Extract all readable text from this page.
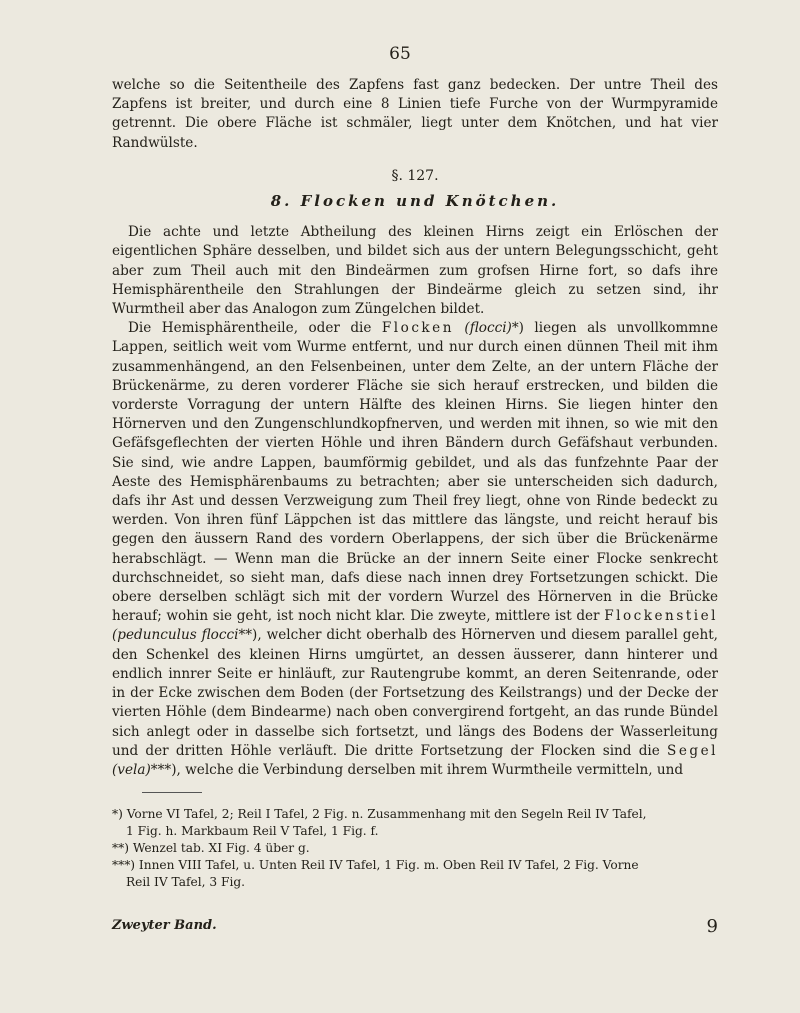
65

welche so die Seitentheile des Zapfens fast ganz bedecken. Der untre Theil des Zapfens ist breiter, und durch eine 8 Linien tiefe Furche von der Wurmpyramide getrennt. Die obere Fläche ist schmäler, liegt unter dem Knötchen, und hat vier Randwülste.

§. 127.
8. Flocken und Knötchen.

Die achte und letzte Abtheilung des kleinen Hirns zeigt ein Erlöschen der eigentlichen Sphäre desselben, und bildet sich aus der untern Belegungsschicht, geht aber zum Theil auch mit den Bindeärmen zum grofsen Hirne fort, so dafs ihre Hemisphärentheile den Strahlungen der Bindeärme gleich zu setzen sind, ihr Wurmtheil aber das Analogon zum Züngelchen bildet.

Die Hemisphärentheile, oder die Flocken (flocci)*) liegen als unvollkommne Lappen, seitlich weit vom Wurme entfernt, und nur durch einen dünnen Theil mit ihm zusammenhängend, an den Felsenbeinen, unter dem Zelte, an der untern Fläche der Brückenärme, zu deren vorderer Fläche sie sich herauf erstrecken, und bilden die vorderste Vorragung der untern Hälfte des kleinen Hirns. Sie liegen hinter den Hörnerven und den Zungenschlundkopfnerven, und werden mit ihnen, so wie mit den Gefäfsgeflechten der vierten Höhle und ihren Bändern durch Gefäfshaut verbunden. Sie sind, wie andre Lappen, baumförmig gebildet, und als das funfzehnte Paar der Aeste des Hemisphärenbaums zu betrachten; aber sie unterscheiden sich dadurch, dafs ihr Ast und dessen Verzweigung zum Theil frey liegt, ohne von Rinde bedeckt zu werden. Von ihren fünf Läppchen ist das mittlere das längste, und reicht herauf bis gegen den äussern Rand des vordern Oberlappens, der sich über die Brückenärme herabschlägt. — Wenn man die Brücke an der innern Seite einer Flocke senkrecht durchschneidet, so sieht man, dafs diese nach innen drey Fortsetzungen schickt. Die obere derselben schlägt sich mit der vordern Wurzel des Hörnerven in die Brücke herauf; wohin sie geht, ist noch nicht klar. Die zweyte, mittlere ist der Flockenstiel (pedunculus flocci**), welcher dicht oberhalb des Hörnerven und diesem parallel geht, den Schenkel des kleinen Hirns umgürtet, an dessen äusserer, dann hinterer und endlich innrer Seite er hinläuft, zur Rautengrube kommt, an deren Seitenrande, oder in der Ecke zwischen dem Boden (der Fortsetzung des Keilstrangs) und der Decke der vierten Höhle (dem Bindearme) nach oben convergirend fortgeht, an das runde Bündel sich anlegt oder in dasselbe sich fortsetzt, und längs des Bodens der Wasserleitung und der dritten Höhle verläuft. Die dritte Fortsetzung der Flocken sind die Segel (vela)***), welche die Verbindung derselben mit ihrem Wurmtheile vermitteln, und

*) Vorne VI Tafel, 2; Reil I Tafel, 2 Fig. n. Zusammenhang mit den Segeln Reil IV Tafel,

1 Fig. h. Markbaum Reil V Tafel, 1 Fig. f.

**) Wenzel tab. XI Fig. 4 über g.

***) Innen VIII Tafel, u. Unten Reil IV Tafel, 1 Fig. m. Oben Reil IV Tafel, 2 Fig. Vorne

Reil IV Tafel, 3 Fig.

Zweyter Band.	9
